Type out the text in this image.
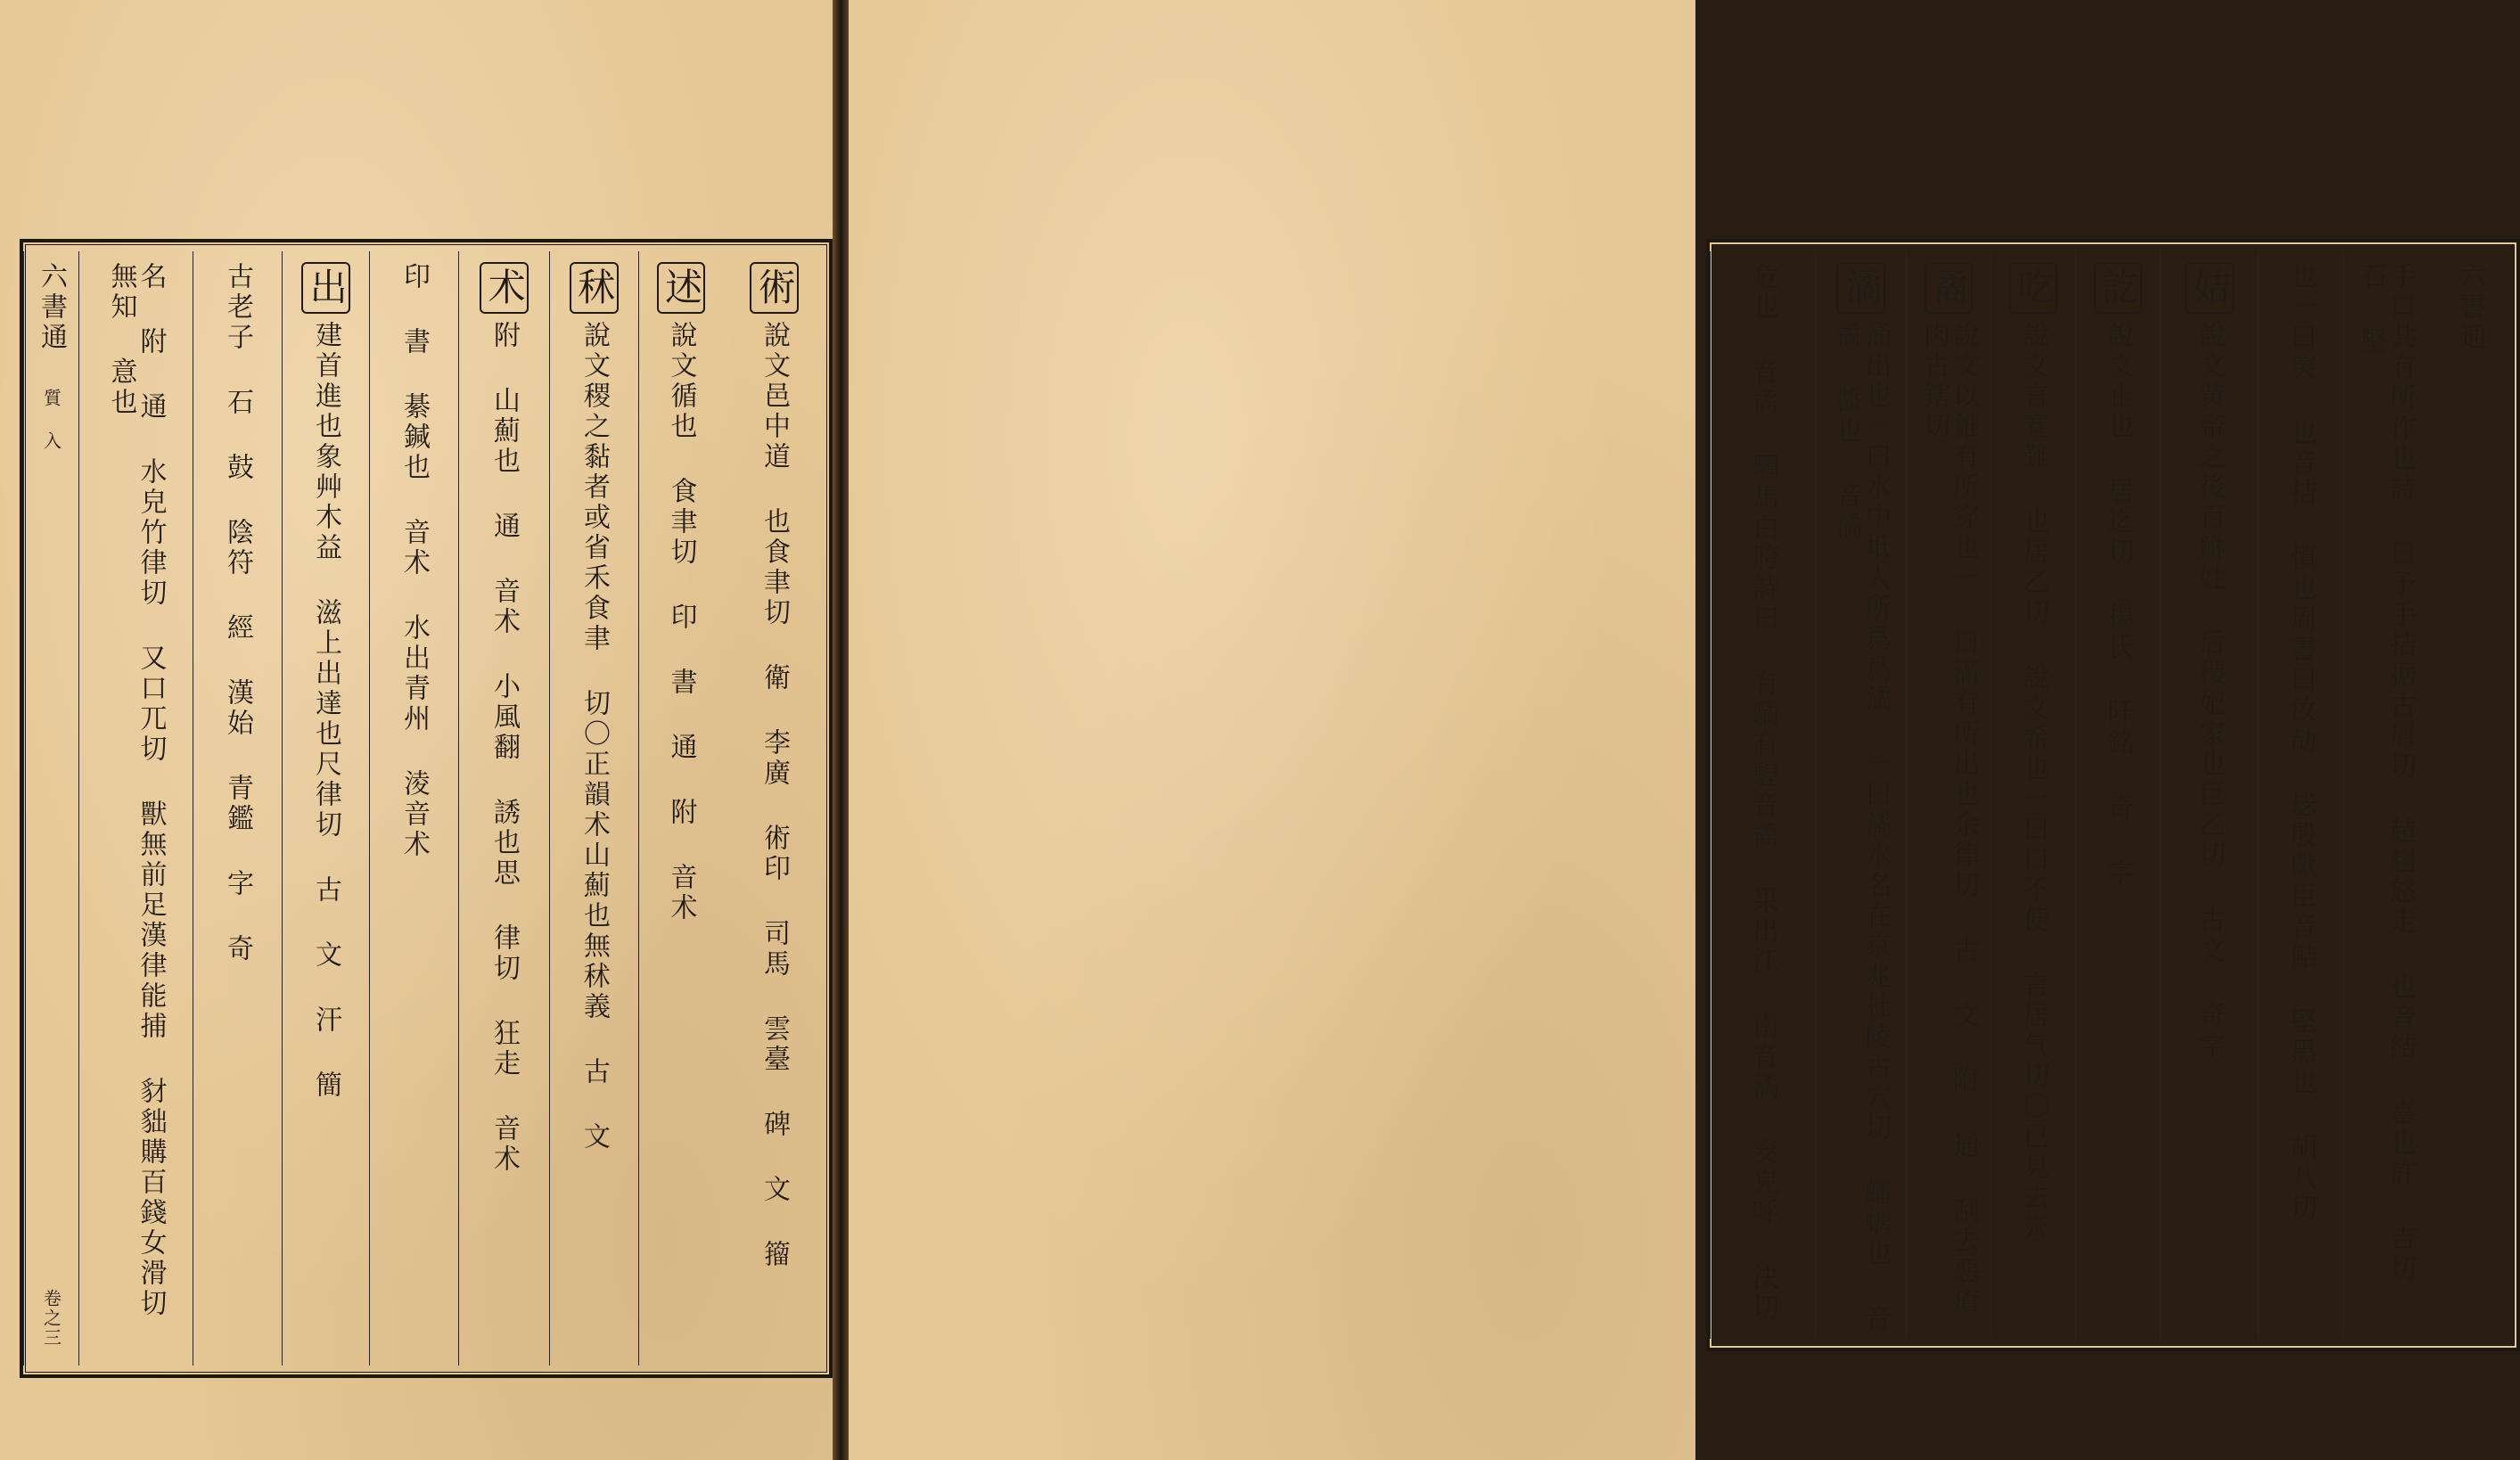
術
說文邑中道 也食聿切 衛 李廣 術印 司馬 雲臺 碑 文 籀
述
說文循也 食聿切 印 書 通 附 音术
秫
說文稷之黏者或省禾食聿 切〇正韻术山薊也無秫義 古 文
术
附 山薊也 通 音术 小風翻 誘也思 律切 狂走 音术
印 書 綦鍼也 音术 水出青州 淩音术
出
建首進也象艸木益 滋上出達也尺律切 古 文 汗 簡
古老子 石 鼓 陰符 經 漢始 青鑑 字 奇
名 附 通 水皃竹律切 又口兀切 獸無前足漢律能捕 豺貀購百錢女滑切 無知 意也
六書通
質 入
卷之三
六書通
手口共有所作也詩 曰予手拮据古屑切 趌趨怒走 也音結 喜也許 吉切 石 堅
也一曰突 也音拮 慎也周書曰汝劼 毖殷獻臣音鮚 堅黑也 胡八切
姞
說文黃帝之後百鮴姓 后稷妃家也巨乙切 古文 奇字
訖
說文止也 居迄切 楊氏 阡銘 奇 字
吃
說文言蹇難 也居乙切 說文希也一曰口不便 言居气切〇已見去霽
矞
說文以錐有所穿也一 曰滿有所出也余律切 古 文 附 通 刮去惡瘡 肉古鎋切
潏
涌出也一曰水中坻人所爲爲潏 一曰潏水名在京兆杜陵古穴切 蟠螭也 音矞 醬也 音潏
危也 音矞 驪馬白胯詩曰 有驈有騜音矞 果出江 南音潏 窔皃呼 決切
